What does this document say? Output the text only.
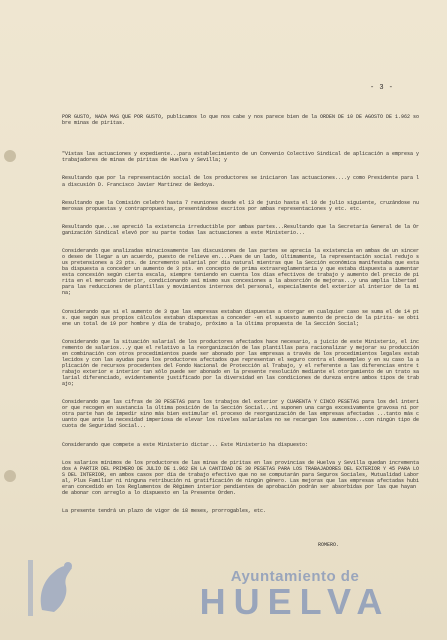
- 3 -

POR GUSTO, NADA MAS QUE POR GUSTO, publicamos lo que nos cabe y nos parece bien de la ORDEN DE 10 DE AGOSTO DE 1.962 sobre minas de piritas.

"Vistas las actuaciones y expediente...para establecimiento de un Convenio Colectivo Sindical de aplicación a empresa y trabajadores de minas de piritas de Huelva y Sevilla; y

Resultando que por la representación social de los productores se iniciaron las actuaciones....y como Presidente para la discusión D. Francisco Javier Martínez de Bedoya.

Resultando que la Comisión celebró hasta 7 reuniones desde el 13 de junio hasta el 10 de julio siguiente, cruzándose numerosas propuestas y contrapropuestas, presentándose escritos por ambas representaciones y etc. etc.

Resultando que...se apreció la existencia irreductible por ambas partes...Resultando que la Secretaría General de la Organización Sindical elevó por su parte todas las actuaciones a este Ministerio...

Considerando que analizadas minuciosamente las discusiones de las partes se aprecia la existencia en ambas de un sincero deseo de llegar a un acuerdo, puesto de relieve en....Pues de un lado, últimamente, la representación social redujo sus pretensiones a 23 pts. de incremento salarial por día natural mientras que la Sección económica manifestaba que estaba dispuesta a conceder un aumento de 3 pts. en concepto de prima extrasreglamentaria y que estaba dispuesta a aumentar esta concesión según cierta escala, siempre teniendo en cuenta los días efectivos de trabajo y aumento del precio de pirita en el mercado interior, condicionando así mismo sus concesiones a la absorción de mejoras...y una amplia libertad para las reducciones de plantillas y movimientos internos del personal, especialmente del exterior al interior de la mina;

Considerando que si el aumento de 3 que las empresas estaban dispuestas a otorgar en cualquier caso se suma el de 14 pts. que según sus propios cálculos estaban dispuestas a conceder -en el supuesto aumento de precio de la pirita- se obtiene un total de 19 por hombre y día de trabajo, próximo a la última propuesta de la Sección Social;

Considerando que la situación salarial de los productores afectados hace necesario, a juicio de este Ministerio, el incremento de salarios...y que el relativo a la reorganización de las plantillas para racionalizar y mejorar su producción en combinación con otros procedimientos puede ser abonado por las empresas a través de los procedimientos legales establecidos y con las ayudas para los productores afectados que representan el seguro contra el desempleo y en su caso la aplicación de recursos procedentes del Fondo Nacional de Protección al Trabajo, y el referente a las diferencias entre trabajo exterior e interior tan sólo puede ser abonado en la presente resolución mediante el otorgamiento de un trato salarial diferenciado, evidentemente justificado por la diversidad en las condiciones de dureza entre ambos tipos de trabajo;

Considerando que las cifras de 30 PESETAS para los trabajos del exterior y CUARENTA Y CINCO PESETAS para los del interior que recogen en sustancia la última posición de la Sección Social...ni suponen una carga excesivamente gravosa ni por otra parte han de impedir sino más bien estimular el proceso de reorganización de las empresas afectadas ...tanto más cuanto que ante la necesidad imperiosa de elevar los niveles salariales no se recargan los aumentos...con ningún tipo de cuota de Seguridad Social...

Considerando que compete a este Ministerio dictar... Este Ministerio ha dispuesto:

Los salarios mínimos de los productores de las minas de piritas en las provincias de Huelva y Sevilla quedan incrementados A PARTIR DEL PRIMERO DE JULIO DE 1.962 EN LA CANTIDAD DE 30 PESETAS PARA LOS TRABAJADORES DEL EXTERIOR Y 45 PARA LOS DEL INTERIOR, en ambos casos por día de trabajo efectivo que no se computarán para Seguros Sociales, Mutualidad Laboral, Plus Familiar ni ninguna retribución ni gratificación de ningún género. Las mejoras que las empresas afectadas hubieran concedido en los Reglamentos de Régimen interior pendientes de aprobación podrán ser absorbidas por las que hayan de abonar con arreglo a lo dispuesto en la Presente Orden.

La presente tendrá un plazo de vigor de 18 meses, prorrogables, etc.

ROMERO.
Ayuntamiento de
HUELVA
